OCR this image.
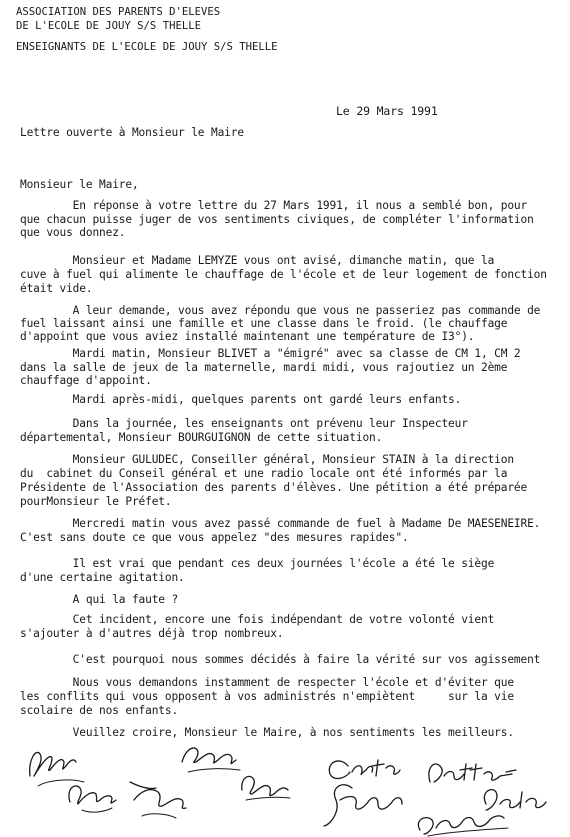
ASSOCIATION DES PARENTS D'ELEVES
DE L'ECOLE DE JOUY S/S THELLE
ENSEIGNANTS DE L'ECOLE DE JOUY S/S THELLE
Le 29 Mars 1991
Lettre ouverte à Monsieur le Maire
Monsieur le Maire,
En réponse à votre lettre du 27 Mars 1991, il nous a semblé bon, pour
que chacun puisse juger de vos sentiments civiques, de compléter l'information
que vous donnez.
Monsieur et Madame LEMYZE vous ont avisé, dimanche matin, que la
cuve à fuel qui alimente le chauffage de l'école et de leur logement de fonction
était vide.
A leur demande, vous avez répondu que vous ne passeriez pas commande de
fuel laissant ainsi une famille et une classe dans le froid. (le chauffage
d'appoint que vous aviez installé maintenant une température de I3°).
Mardi matin, Monsieur BLIVET a "émigré" avec sa classe de CM 1, CM 2
dans la salle de jeux de la maternelle, mardi midi, vous rajoutiez un 2ème
chauffage d'appoint.
Mardi après-midi, quelques parents ont gardé leurs enfants.
Dans la journée, les enseignants ont prévenu leur Inspecteur
départemental, Monsieur BOURGUIGNON de cette situation.
Monsieur GULUDEC, Conseiller général, Monsieur STAIN à la direction
du  cabinet du Conseil général et une radio locale ont été informés par la
Présidente de l'Association des parents d'élèves. Une pétition a été préparée
pourMonsieur le Préfet.
Mercredi matin vous avez passé commande de fuel à Madame De MAESENEIRE.
C'est sans doute ce que vous appelez "des mesures rapides".
Il est vrai que pendant ces deux journées l'école a été le siège
d'une certaine agitation.
A qui la faute ?
Cet incident, encore une fois indépendant de votre volonté vient
s'ajouter à d'autres déjà trop nombreux.
C'est pourquoi nous sommes décidés à faire la vérité sur vos agissement
Nous vous demandons instamment de respecter l'école et d'éviter que
les conflits qui vous opposent à vos administrés n'empiètent     sur la vie
scolaire de nos enfants.
Veuillez croire, Monsieur le Maire, à nos sentiments les meilleurs.
